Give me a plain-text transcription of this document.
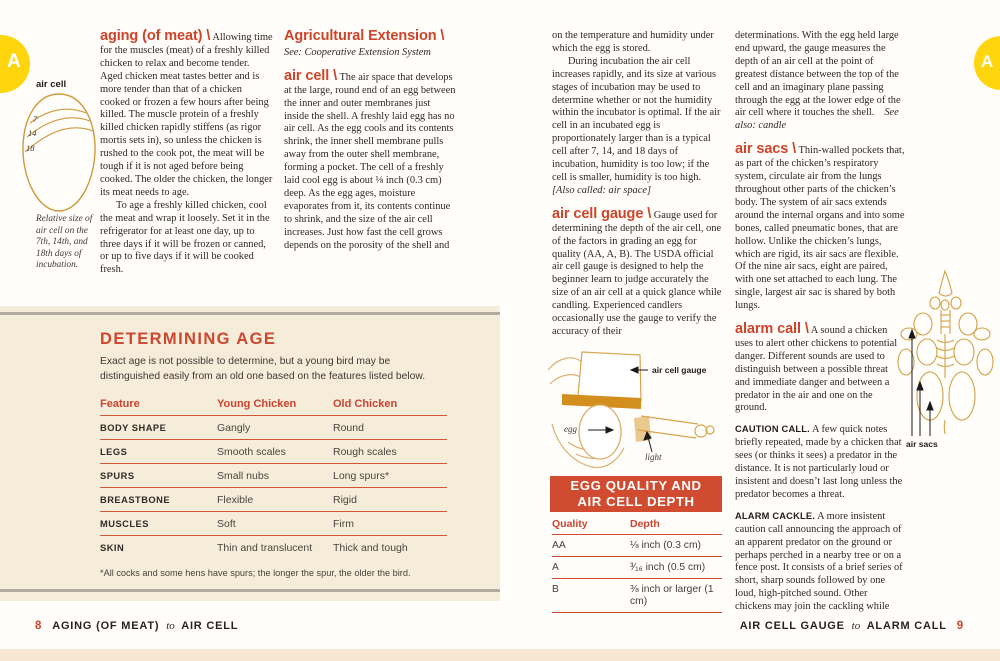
A	A
air cell
7
14
18
Relative size of air cell on the 7th, 14th, and 18th days of incubation.

aging (of meat) \ Allowing time for the muscles (meat) of a freshly killed chicken to relax and become tender. Aged chicken meat tastes better and is more tender than that of a chicken cooked or frozen a few hours after being killed. The muscle protein of a freshly killed chicken rapidly stiffens (as rigor mortis sets in), so unless the chicken is rushed to the cook pot, the meat will be tough if it is not aged before being cooked. The older the chicken, the longer its meat needs to age.

To age a freshly killed chicken, cool the meat and wrap it loosely. Set it in the refrigerator for at least one day, up to three days if it will be frozen or canned, or up to five days if it will be cooked fresh.

Agricultural Extension \

See: Cooperative Extension System

air cell \ The air space that develops at the large, round end of an egg between the inner and outer membranes just inside the shell. A freshly laid egg has no air cell. As the egg cools and its contents shrink, the inner shell membrane pulls away from the outer shell membrane, forming a pocket. The cell of a freshly laid cool egg is about ⅛ inch (0.3 cm) deep. As the egg ages, moisture evaporates from it, its contents continue to shrink, and the size of the air cell increases. Just how fast the cell grows depends on the porosity of the shell and

DETERMINING AGE
Exact age is not possible to determine, but a young bird may be distinguished easily from an old one based on the features listed below.
Feature	Young Chicken	Old Chicken
BODY SHAPE	Gangly	Round
LEGS	Smooth scales	Rough scales
SPURS	Small nubs	Long spurs*
BREASTBONE	Flexible	Rigid
MUSCLES	Soft	Firm
SKIN	Thin and translucent	Thick and tough
*All cocks and some hens have spurs; the longer the spur, the older the bird.
8 AGING (OF MEAT) to AIR CELL

on the temperature and humidity under which the egg is stored.

During incubation the air cell increases rapidly, and its size at various stages of incubation may be used to determine whether or not the humidity within the incubator is optimal. If the air cell in an incubated egg is proportionately larger than is a typical cell after 7, 14, and 18 days of incubation, humidity is too low; if the cell is smaller, humidity is too high.

[Also called: air space]

air cell gauge \ Gauge used for determining the depth of the air cell, one of the factors in grading an egg for quality (AA, A, B). The USDA official air cell gauge is designed to help the beginner learn to judge accurately the size of an air cell at a quick glance while candling. Experienced candlers occasionally use the gauge to verify the accuracy of their

air cell gauge
egg
light
EGG QUALITY AND
AIR CELL DEPTH
Quality	Depth
AA	⅛ inch (0.3 cm)
A	³⁄₁₆ inch (0.5 cm)
B	⅜ inch or larger (1 cm)

determinations. With the egg held large end upward, the gauge measures the depth of an air cell at the point of greatest distance between the top of the cell and an imaginary plane passing through the egg at the lower edge of the air cell where it touches the shell. See also: candle

air sacs \ Thin-walled pockets that, as part of the chicken’s respiratory system, circulate air from the lungs throughout other parts of the chicken’s body. The system of air sacs extends around the internal organs and into some bones, called pneumatic bones, that are hollow. Unlike the chicken’s lungs, which are rigid, its air sacs are flexible. Of the nine air sacs, eight are paired, with one set attached to each lung. The single, largest air sac is shared by both lungs.

alarm call \ A sound a chicken uses to alert other chickens to potential danger. Different sounds are used to distinguish between a possible threat and immediate danger and between a predator in the air and one on the ground.

CAUTION CALL. A few quick notes briefly repeated, made by a chicken that sees (or thinks it sees) a predator in the distance. It is not particularly loud or insistent and doesn’t last long unless the predator becomes a threat.

ALARM CACKLE. A more insistent caution call announcing the approach of an apparent predator on the ground or perhaps perched in a nearby tree or on a fence post. It consists of a brief series of short, sharp sounds followed by one loud, high-pitched sound. Other chickens may join the cackling while

air sacs
AIR CELL GAUGE to ALARM CALL 9
